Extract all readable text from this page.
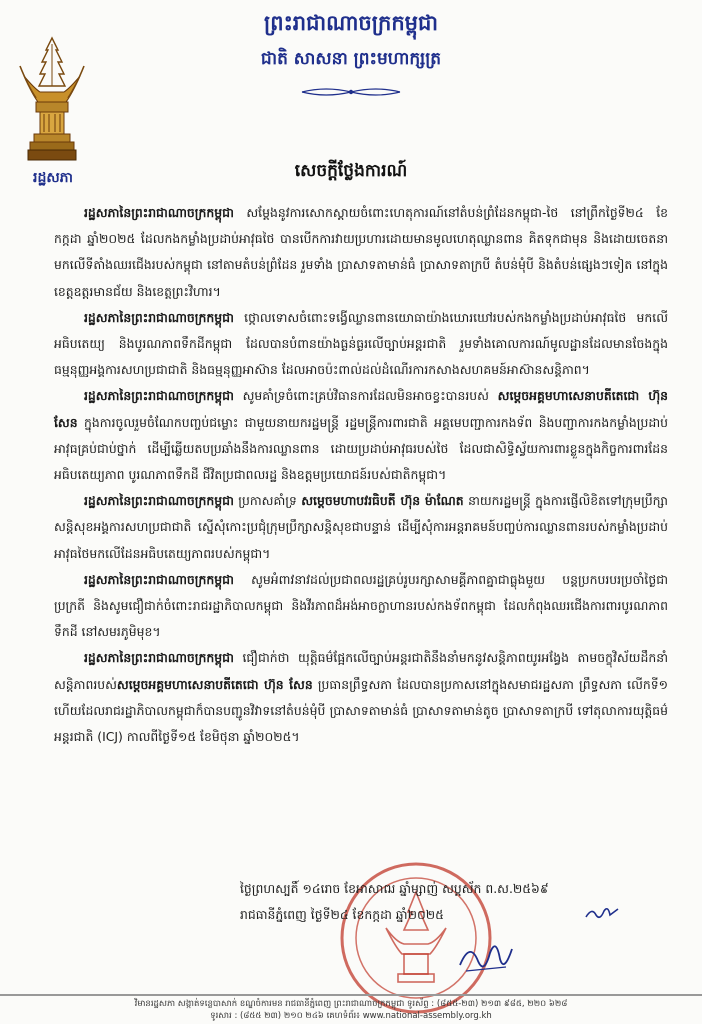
រដ្ឋសភា
ព្រះរាជាណាចក្រកម្ពុជា
ជាតិ សាសនា ព្រះមហាក្សត្រ
សេចក្តីថ្លែងការណ៍

រដ្ឋសភានៃព្រះរាជាណាចក្រកម្ពុជា សម្តែងនូវការសោកស្តាយចំពោះហេតុការណ៍នៅតំបន់ព្រំដែនកម្ពុជា-ថៃ នៅព្រឹកថ្ងៃទី២៤ ខែកក្កដា ឆ្នាំ២០២៥ ដែលកងកម្លាំងប្រដាប់អាវុធថៃ បានបើកការវាយប្រហារដោយមានមូលហេតុឈ្លានពាន គិតទុកជាមុន និងដោយចេតនា មកលើទីតាំងឈរជើងរបស់កម្ពុជា នៅតាមតំបន់ព្រំដែន រួមទាំង ប្រាសាទតាមាន់ធំ ប្រាសាទតាក្របី តំបន់មុំបី និងតំបន់ផ្សេងៗទៀត នៅក្នុងខេត្តឧត្តរមានជ័យ និងខេត្តព្រះវិហារ។

រដ្ឋសភានៃព្រះរាជាណាចក្រកម្ពុជា ថ្កោលទោសចំពោះទង្វើឈ្លានពានយោធាយ៉ាងឃោរឃៅរបស់កងកម្លាំងប្រដាប់អាវុធថៃ មកលើអធិបតេយ្យ និងបូរណភាពទឹកដីកម្ពុជា ដែលបានបំពានយ៉ាងធ្ងន់ធ្ងរលើច្បាប់អន្តរជាតិ រួមទាំងគោលការណ៍មូលដ្ឋានដែលមានចែងក្នុងធម្មនុញ្ញអង្គការសហប្រជាជាតិ និងធម្មនុញ្ញអាស៊ាន ដែលអាចប៉ះពាល់ដល់ដំណើរការកសាងសហគមន៍អាស៊ានសន្តិភាព។

រដ្ឋសភានៃព្រះរាជាណាចក្រកម្ពុជា សូមគាំទ្រចំពោះគ្រប់វិធានការដែលមិនអាចខ្វះបានរបស់ សម្តេចអគ្គមហាសេនាបតីតេជោ ហ៊ុន សែន ក្នុងការចូលរួមចំណែកបញ្ចប់ជម្លោះ ជាមួយនាយករដ្ឋមន្ត្រី រដ្ឋមន្ត្រីការពារជាតិ អគ្គមេបញ្ជាការកងទ័ព និងបញ្ជាការកងកម្លាំងប្រដាប់អាវុធគ្រប់ជាប់ថ្នាក់ ដើម្បីឆ្លើយតបប្រឆាំងនឹងការឈ្លានពាន ដោយប្រដាប់អាវុធរបស់ថៃ ដែលជាសិទ្ធិស្វ័យការពារខ្លួនក្នុងកិច្ចការពារដែនអធិបតេយ្យភាព បូរណភាពទឹកដី ជីវិតប្រជាពលរដ្ឋ និងឧត្តមប្រយោជន៍របស់ជាតិកម្ពុជា។

រដ្ឋសភានៃព្រះរាជាណាចក្រកម្ពុជា ប្រកាសគាំទ្រ សម្តេចមហាបវរធិបតី ហ៊ុន ម៉ាណែត នាយករដ្ឋមន្ត្រី ក្នុងការផ្ញើលិខិតទៅក្រុមប្រឹក្សាសន្តិសុខអង្គការសហប្រជាជាតិ ស្នើសុំកោះប្រជុំក្រុមប្រឹក្សាសន្តិសុខជាបន្ទាន់ ដើម្បីសុំការអន្តរាគមន៍បញ្ចប់ការឈ្លានពានរបស់កម្លាំងប្រដាប់អាវុធថៃមកលើដែនអធិបតេយ្យភាពរបស់កម្ពុជា។

រដ្ឋសភានៃព្រះរាជាណាចក្រកម្ពុជា សូមអំពាវនាវដល់ប្រជាពលរដ្ឋគ្រប់រូបរក្សាសាមគ្គីភាពគ្នាជាធ្លុងមួយ បន្តប្រកបរបរប្រចាំថ្ងៃជាប្រក្រតី និងសូមជឿជាក់ចំពោះរាជរដ្ឋាភិបាលកម្ពុជា និងវីរភាពដ៏អង់អាចក្លាហានរបស់កងទ័ពកម្ពុជា ដែលកំពុងឈរជើងការពារបូរណភាពទឹកដី នៅសមរភូមិមុខ។

រដ្ឋសភានៃព្រះរាជាណាចក្រកម្ពុជា ជឿជាក់ថា យុត្តិធម៌ផ្អែកលើច្បាប់អន្តរជាតិនឹងនាំមកនូវសន្តិភាពយូរអង្វែង តាមចក្ខុវិស័យដឹកនាំសន្តិភាពរបស់សម្តេចអគ្គមហាសេនាបតីតេជោ ហ៊ុន សែន ប្រធានព្រឹទ្ធសភា ដែលបានប្រកាសនៅក្នុងសមាជរដ្ឋសភា ព្រឹទ្ធសភា លើកទី១ ហើយដែលរាជរដ្ឋាភិបាលកម្ពុជាក៏បានបញ្ជូនវិវាទនៅតំបន់មុំបី ប្រាសាទតាមាន់ធំ ប្រាសាទតាមាន់តូច ប្រាសាទតាក្របី ទៅតុលាការយុត្តិធម៌អន្តរជាតិ (ICJ) កាលពីថ្ងៃទី១៥ ខែមិថុនា ឆ្នាំ២០២៥។

ថ្ងៃព្រហស្បតិ៍ ១៤រោច ខែអាសាឍ ឆ្នាំម្សាញ់ សប្តស័ក ព.ស.២៥៦៩
រាជធានីភ្នំពេញ ថ្ងៃទី២៤ ខែកក្កដា ឆ្នាំ២០២៥
វិមានរដ្ឋសភា សង្កាត់ទន្លេបាសាក់ ខណ្ឌចំការមន រាជធានីភ្នំពេញ ព្រះរាជាណាចក្រកម្ពុជា ទូរស័ព្ទ : (៨៥៥-២៣) ២១៣ ៩៨៥, ២២០ ៦២៨
ទូរសារ : (៨៥៥ ២៣) ២១០ ២៤៦ គេហទំព័រ៖ www.national-assembly.org.kh
